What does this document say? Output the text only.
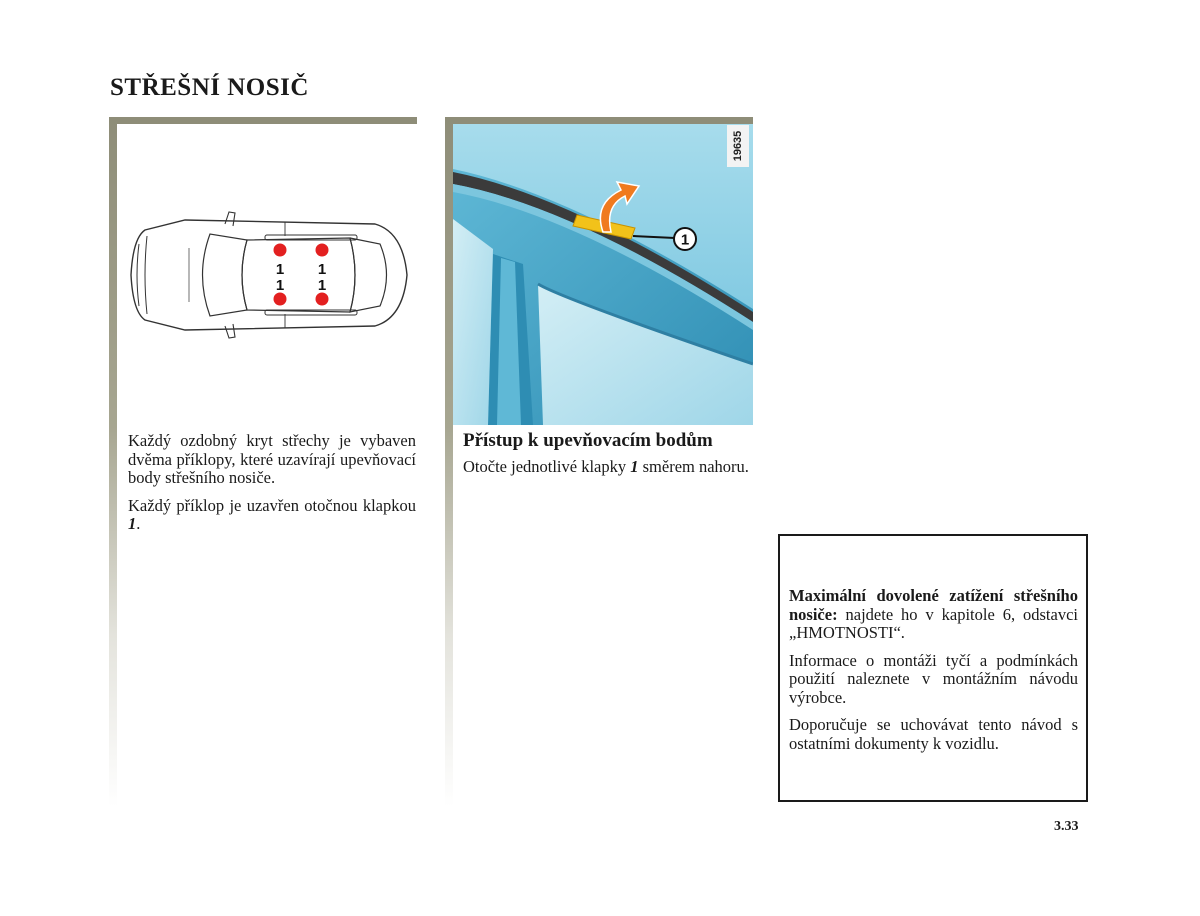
STŘEŠNÍ NOSIČ
1 1
1 1

Každý ozdobný kryt střechy je vybaven dvěma příklopy, které uzavírají upevňovací body střešního nosiče.

Každý příklop je uzavřen otočnou klapkou 1.

1
19635
Přístup k upevňovacím bodům

Otočte jednotlivé klapky 1 směrem nahoru.

Maximální dovolené zatížení střešního nosiče: najdete ho v kapitole 6, odstavci „HMOTNOSTI“.

Informace o montáži tyčí a podmínkách použití naleznete v montážním návodu výrobce.

Doporučuje se uchovávat tento návod s ostatními dokumenty k vozidlu.

3.33
